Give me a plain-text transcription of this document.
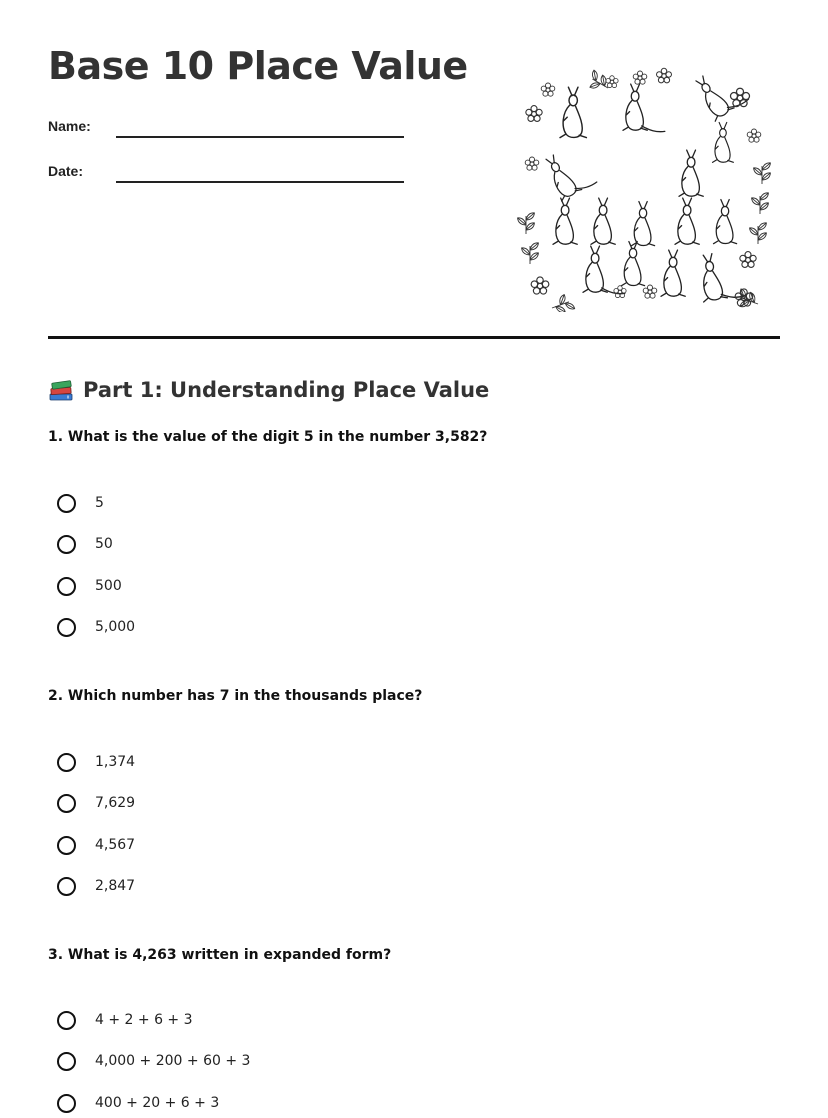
Base 10 Place Value
Name:
Date:
Part 1: Understanding Place Value
1. What is the value of the digit 5 in the number 3,582?
5
50
500
5,000
2. Which number has 7 in the thousands place?
1,374
7,629
4,567
2,847
3. What is 4,263 written in expanded form?
4 + 2 + 6 + 3
4,000 + 200 + 60 + 3
400 + 20 + 6 + 3
